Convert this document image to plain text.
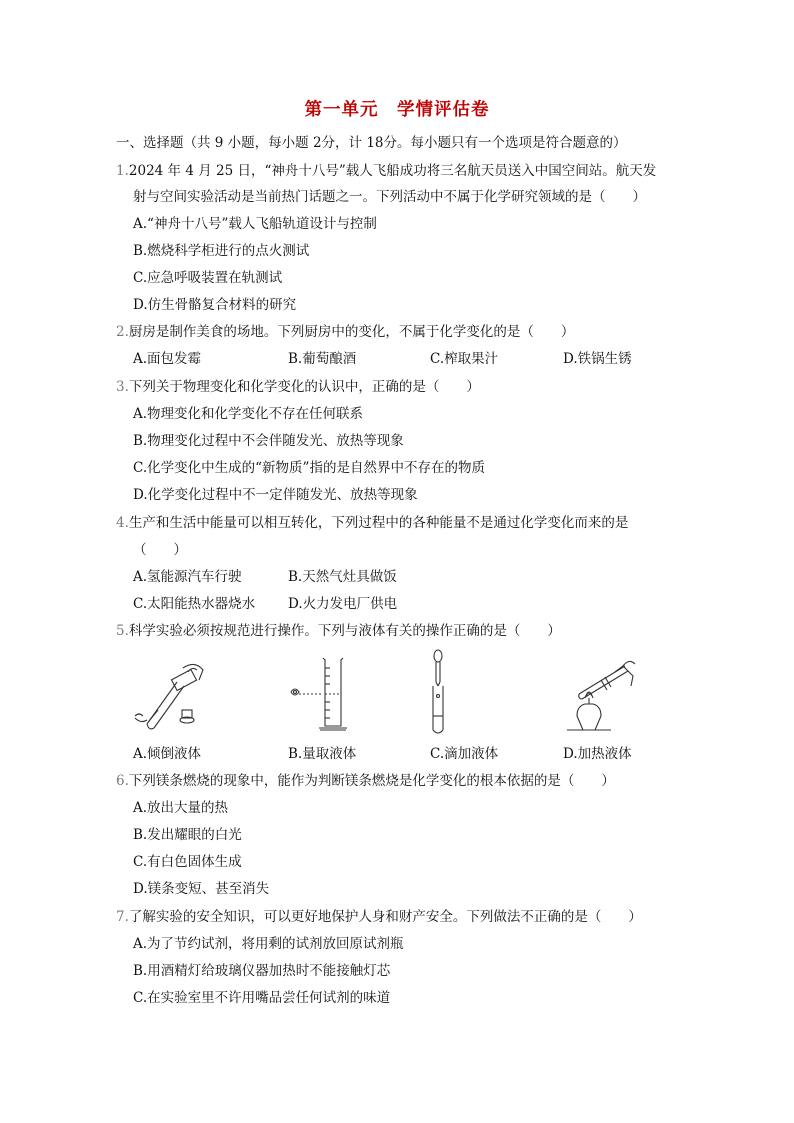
第一单元　学情评估卷
一、选择题（共 9 小题，每小题 2分，计 18分。每小题只有一个选项是符合题意的）
1.2024 年 4 月 25 日，“神舟十八号”载人飞船成功将三名航天员送入中国空间站。航天发
射与空间实验活动是当前热门话题之一。下列活动中不属于化学研究领域的是（　　）
A.“神舟十八号”载人飞船轨道设计与控制
B.燃烧科学柜进行的点火测试
C.应急呼吸装置在轨测试
D.仿生骨骼复合材料的研究
2.厨房是制作美食的场地。下列厨房中的变化，不属于化学变化的是（　　）

A.面包发霉

	B.葡萄酿酒

	C.榨取果汁

	D.铁锅生锈

3.下列关于物理变化和化学变化的认识中，正确的是（　　）
A.物理变化和化学变化不存在任何联系
B.物理变化过程中不会伴随发光、放热等现象
C.化学变化中生成的“新物质”指的是自然界中不存在的物质
D.化学变化过程中不一定伴随发光、放热等现象
4.生产和生活中能量可以相互转化，下列过程中的各种能量不是通过化学变化而来的是
（　　）

A.氢能源汽车行驶

	B.天然气灶具做饭

C.太阳能热水器烧水

D.火力发电厂供电

5.科学实验必须按规范进行操作。下列与液体有关的操作正确的是（　　）

A.倾倒液体

	B.量取液体

	C.滴加液体

	D.加热液体

6.下列镁条燃烧的现象中，能作为判断镁条燃烧是化学变化的根本依据的是（　　）
A.放出大量的热
B.发出耀眼的白光
C.有白色固体生成
D.镁条变短、甚至消失
7.了解实验的安全知识，可以更好地保护人身和财产安全。下列做法不正确的是（　　）
A.为了节约试剂，将用剩的试剂放回原试剂瓶
B.用酒精灯给玻璃仪器加热时不能接触灯芯
C.在实验室里不许用嘴品尝任何试剂的味道
